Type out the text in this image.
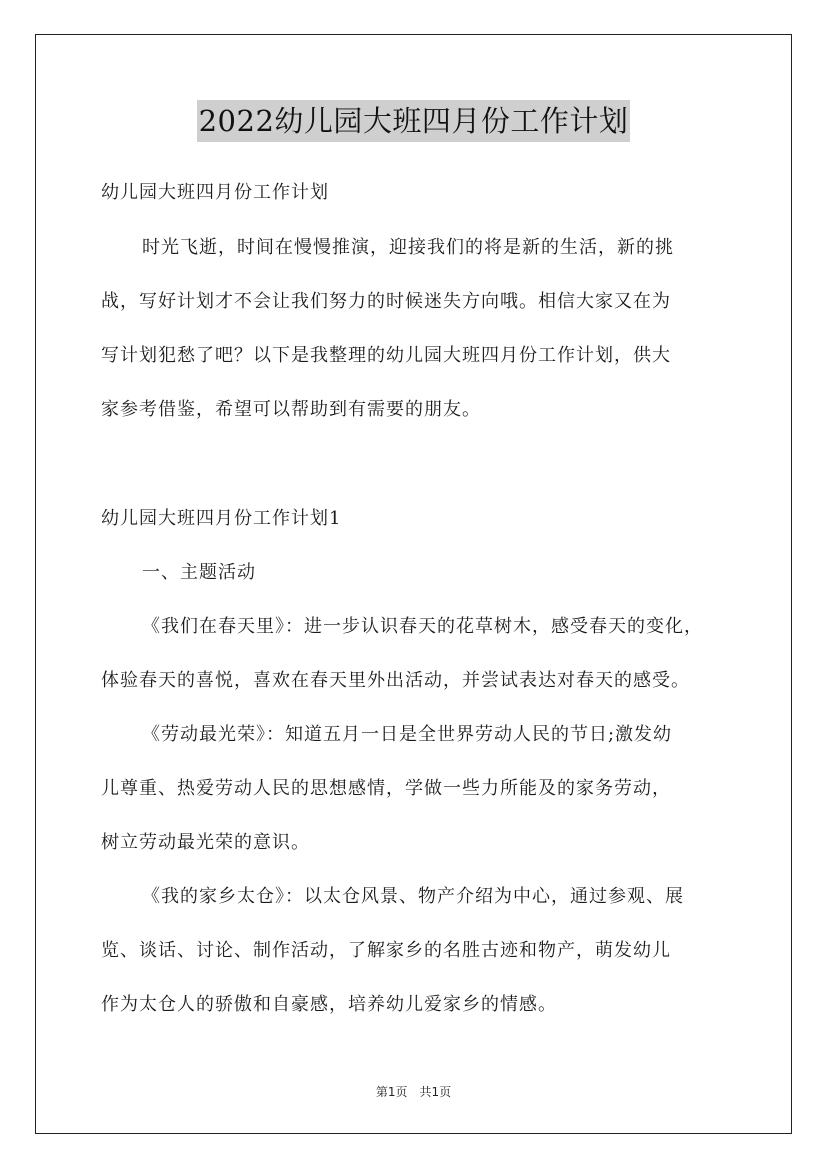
2022幼儿园大班四月份工作计划
幼儿园大班四月份工作计划
时光飞逝，时间在慢慢推演，迎接我们的将是新的生活，新的挑
战，写好计划才不会让我们努力的时候迷失方向哦。相信大家又在为
写计划犯愁了吧？以下是我整理的幼儿园大班四月份工作计划，供大
家参考借鉴，希望可以帮助到有需要的朋友。
幼儿园大班四月份工作计划1
一、主题活动
《我们在春天里》：进一步认识春天的花草树木，感受春天的变化，
体验春天的喜悦，喜欢在春天里外出活动，并尝试表达对春天的感受。
《劳动最光荣》：知道五月一日是全世界劳动人民的节日;激发幼
儿尊重、热爱劳动人民的思想感情，学做一些力所能及的家务劳动，
树立劳动最光荣的意识。
《我的家乡太仓》：以太仓风景、物产介绍为中心，通过参观、展
览、谈话、讨论、制作活动，了解家乡的名胜古迹和物产，萌发幼儿
作为太仓人的骄傲和自豪感，培养幼儿爱家乡的情感。
第1页　共1页
